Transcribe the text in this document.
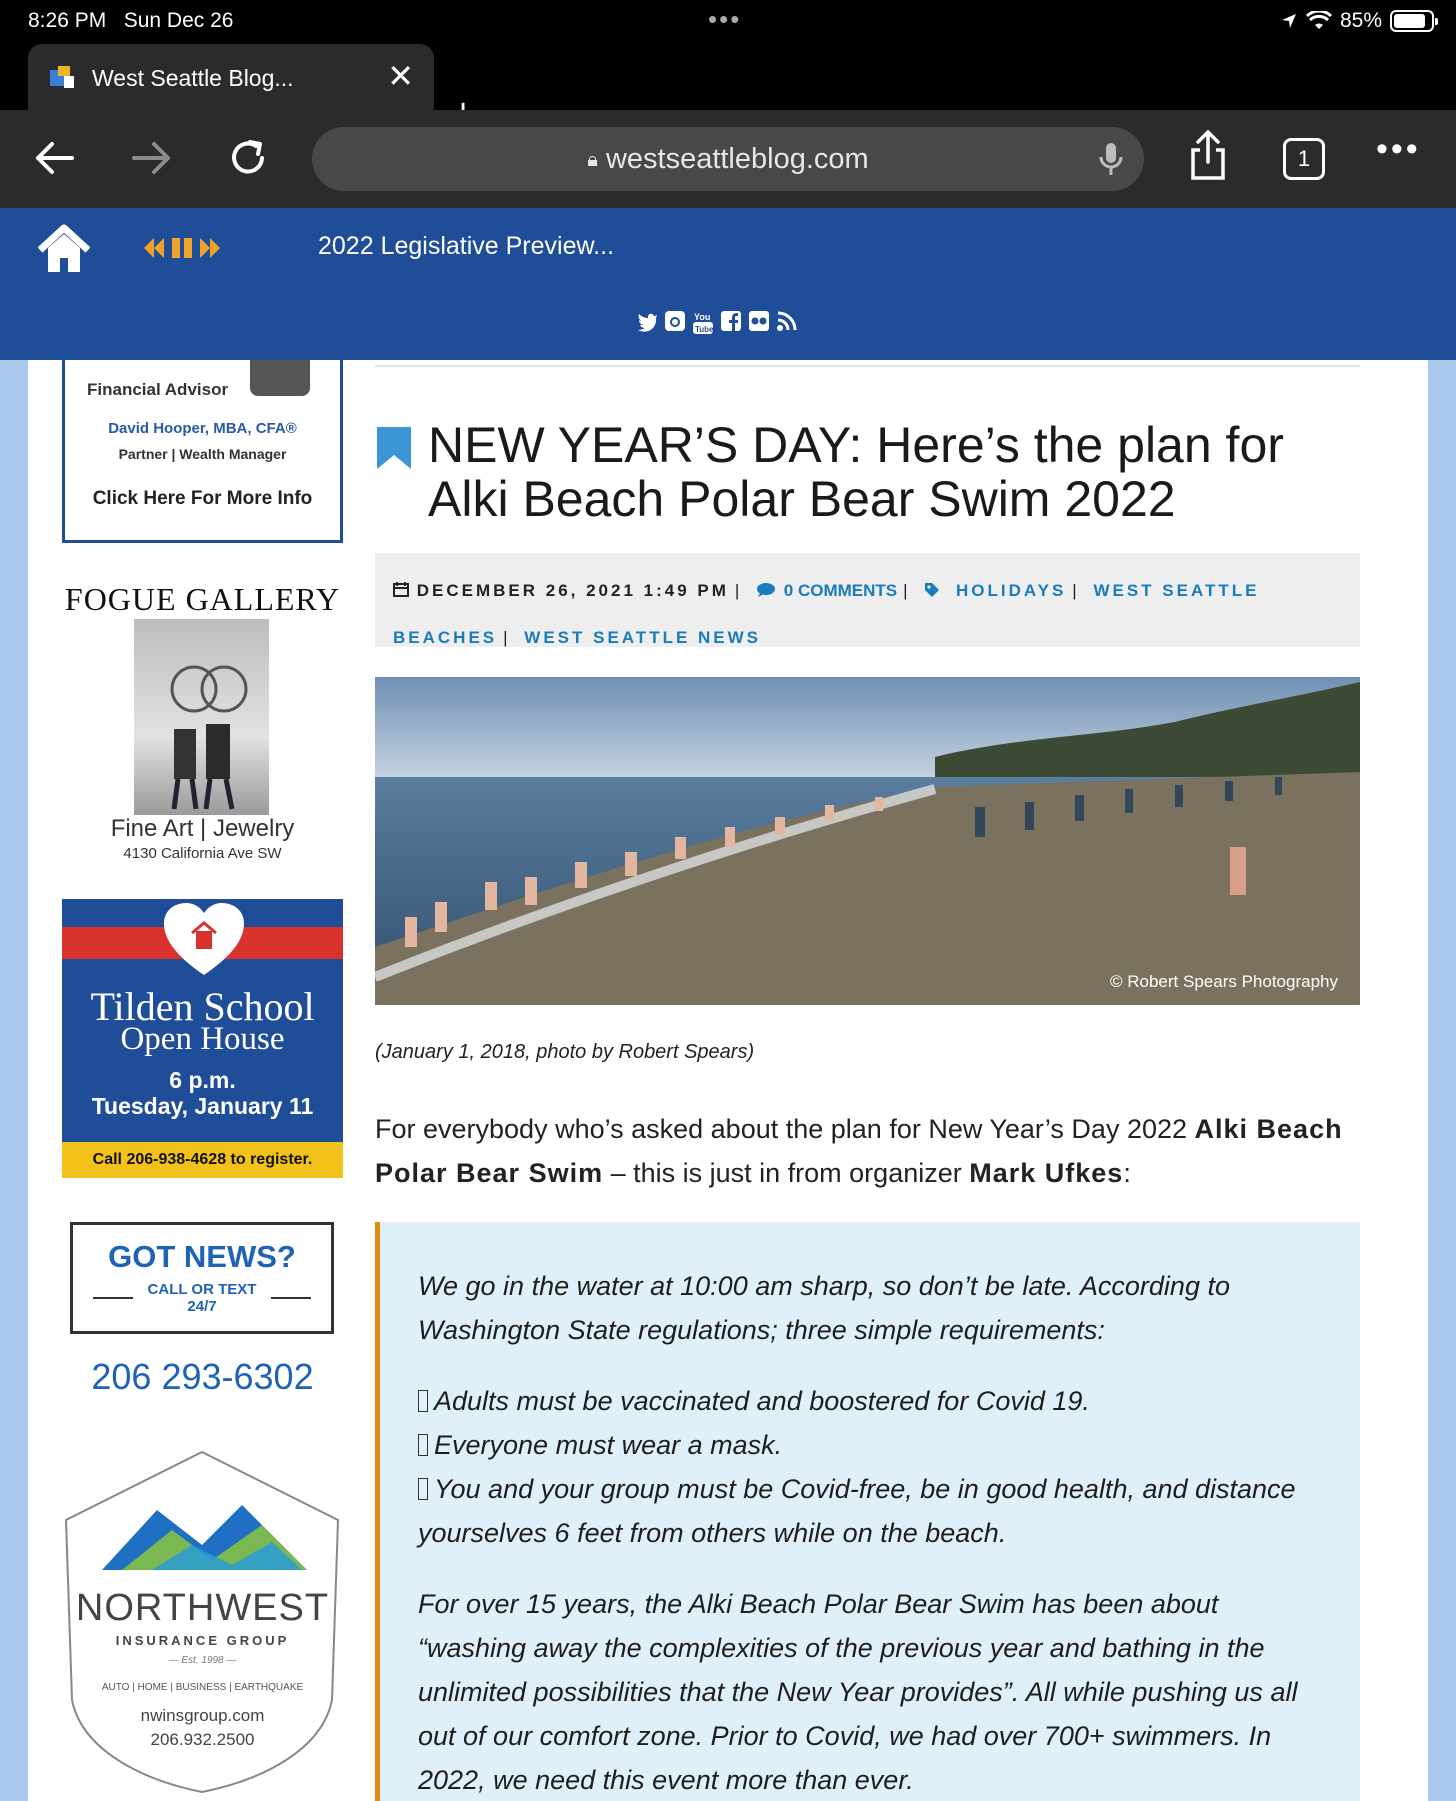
8:26 PM Sun Dec 26	•••	85%
West Seattle Blog...	✕
🔒︎ westseattleblog.com	1	•••
2022 Legislative Preview...
You
Tube
Financial Advisor
David Hooper, MBA, CFA®
Partner | Wealth Manager
Click Here For More Info
FOGUE GALLERY
Fine Art | Jewelry
4130 California Ave SW
Tilden School
Open House
6 p.m.
Tuesday, January 11
Call 206-938-4628 to register.
GOT NEWS?
CALL OR TEXT
24/7
206 293-6302
NORTHWEST
INSURANCE GROUP
— Est. 1998 —
AUTO | HOME | BUSINESS | EARTHQUAKE
nwinsgroup.com
206.932.2500
NEW YEAR’S DAY: Here’s the plan for Alki Beach Polar Bear Swim 2022
DECEMBER 26, 2021 1:49 PM | 0 COMMENTS |	HOLIDAYS | WEST SEATTLE BEACHES | WEST SEATTLE NEWS
© Robert Spears Photography
(January 1, 2018, photo by Robert Spears)

For everybody who’s asked about the plan for New Year’s Day 2022 Alki Beach Polar Bear Swim – this is just in from organizer Mark Ufkes:

We go in the water at 10:00 am sharp, so don’t be late. According to Washington State regulations; three simple requirements:

Adults must be vaccinated and boostered for Covid 19.
Everyone must wear a mask.
You and your group must be Covid-free, be in good health, and distance yourselves 6 feet from others while on the beach.

For over 15 years, the Alki Beach Polar Bear Swim has been about “washing away the complexities of the previous year and bathing in the unlimited possibilities that the New Year provides”. All while pushing us all out of our comfort zone. Prior to Covid, we had over 700+ swimmers. In 2022, we need this event more than ever.
